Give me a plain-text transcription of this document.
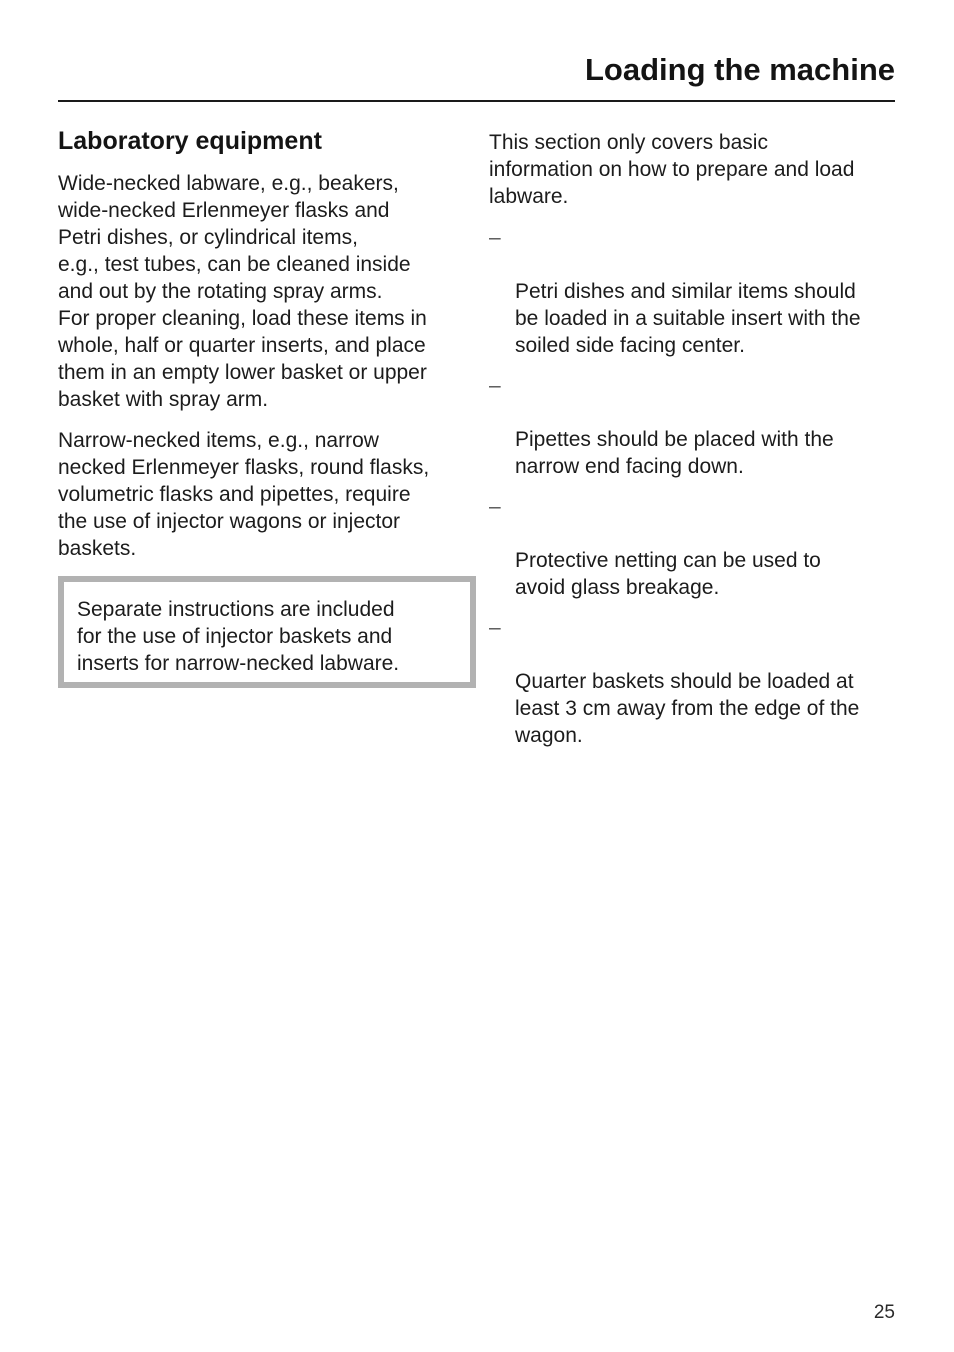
Loading the machine
Laboratory equipment

Wide-necked labware, e.g., beakers,
wide-necked Erlenmeyer flasks and
Petri dishes, or cylindrical items,
e.g., test tubes, can be cleaned inside
and out by the rotating spray arms.
For proper cleaning, load these items in
whole, half or quarter inserts, and place
them in an empty lower basket or upper
basket with spray arm.

Narrow-necked items, e.g., narrow
necked Erlenmeyer flasks, round flasks,
volumetric flasks and pipettes, require
the use of injector wagons or injector
baskets.

Separate instructions are included
for the use of injector baskets and
inserts for narrow-necked labware.

This section only covers basic
information on how to prepare and load
labware.

–

Petri dishes and similar items should
be loaded in a suitable insert with the
soiled side facing center.

–

Pipettes should be placed with the
narrow end facing down.

–

Protective netting can be used to
avoid glass breakage.

–

Quarter baskets should be loaded at
least 3 cm away from the edge of the
wagon.

25
